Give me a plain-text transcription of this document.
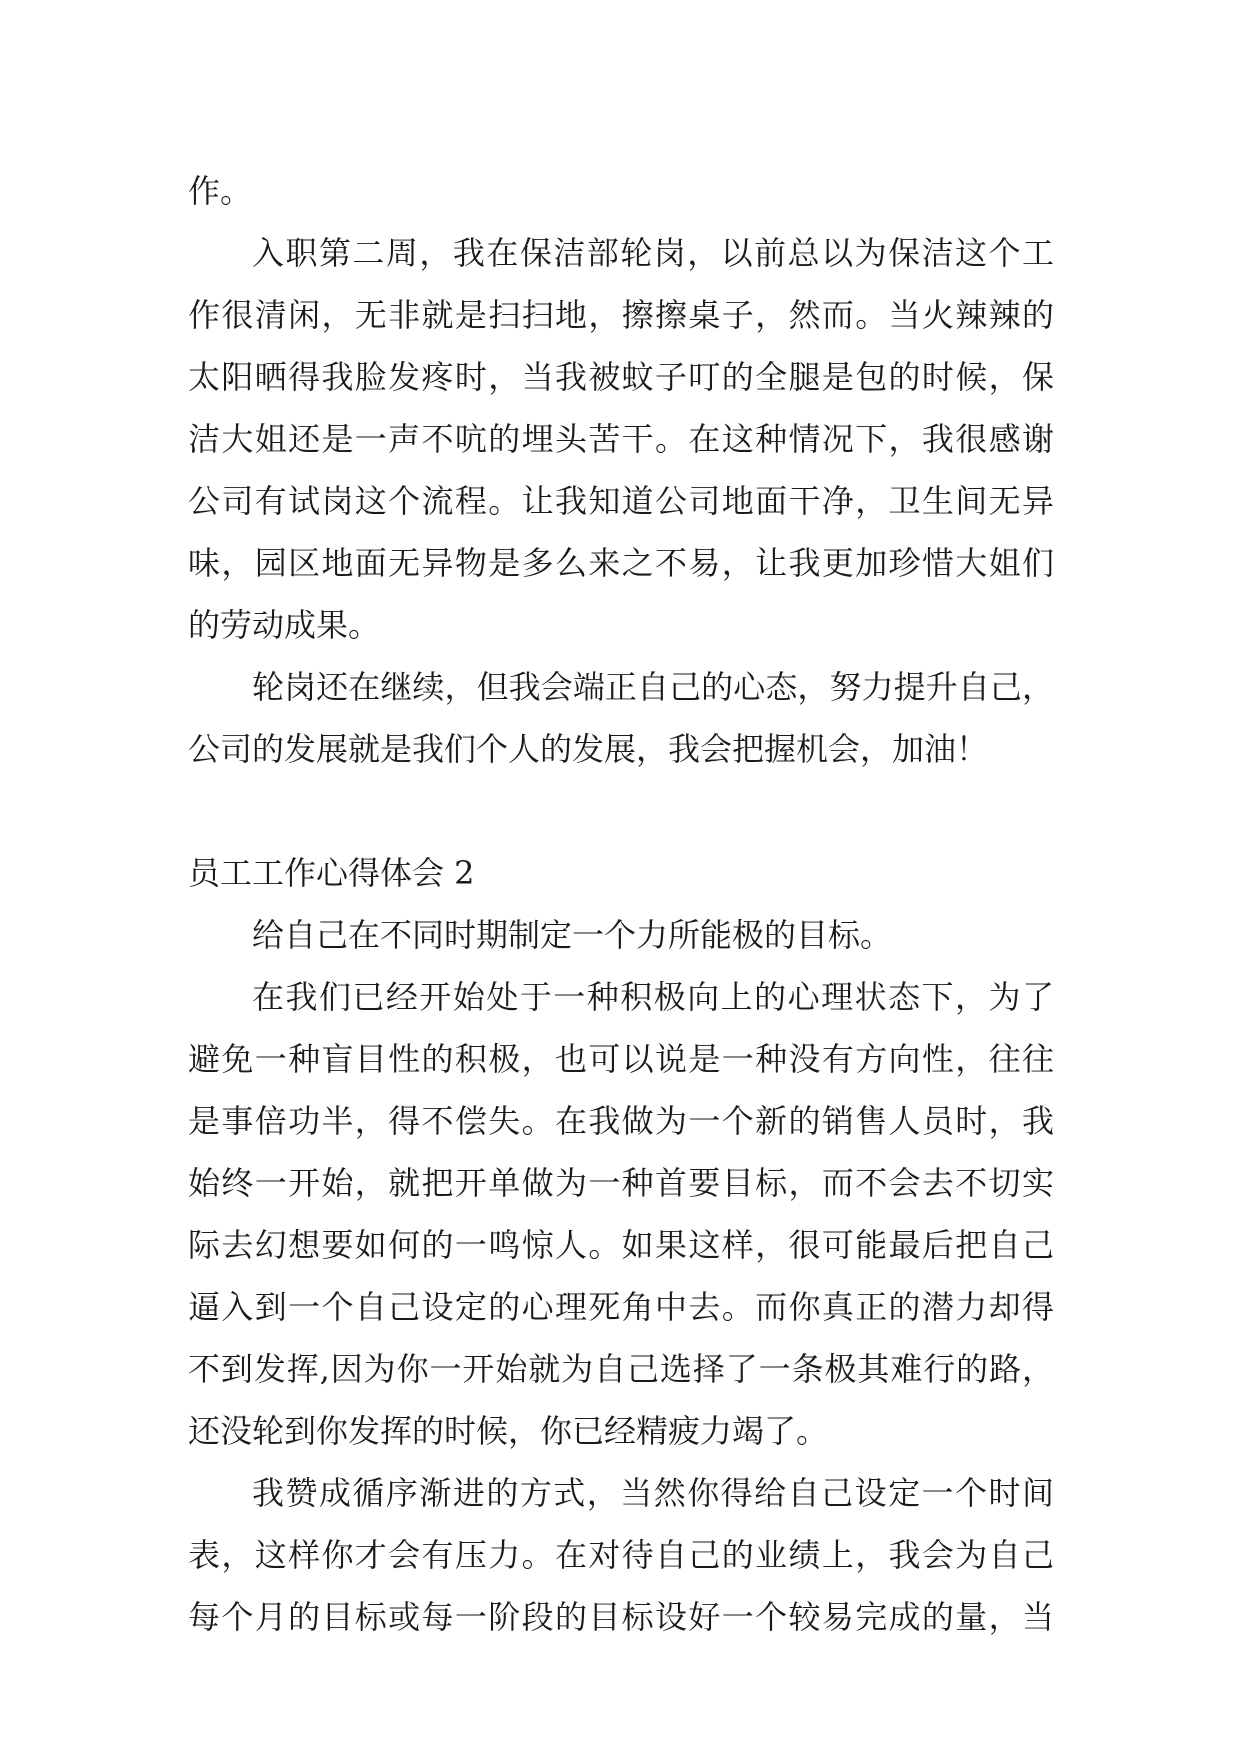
作。
入职第二周，我在保洁部轮岗，以前总以为保洁这个工
作很清闲，无非就是扫扫地，擦擦桌子，然而。当火辣辣的
太阳晒得我脸发疼时，当我被蚊子叮的全腿是包的时候，保
洁大姐还是一声不吭的埋头苦干。在这种情况下，我很感谢
公司有试岗这个流程。让我知道公司地面干净，卫生间无异
味，园区地面无异物是多么来之不易，让我更加珍惜大姐们
的劳动成果。
轮岗还在继续，但我会端正自己的心态，努力提升自己，
公司的发展就是我们个人的发展，我会把握机会，加油！
员工工作心得体会 2
给自己在不同时期制定一个力所能极的目标。
在我们已经开始处于一种积极向上的心理状态下，为了
避免一种盲目性的积极，也可以说是一种没有方向性，往往
是事倍功半，得不偿失。在我做为一个新的销售人员时，我
始终一开始，就把开单做为一种首要目标，而不会去不切实
际去幻想要如何的一鸣惊人。如果这样，很可能最后把自己
逼入到一个自己设定的心理死角中去。而你真正的潜力却得
不到发挥,因为你一开始就为自己选择了一条极其难行的路，
还没轮到你发挥的时候，你已经精疲力竭了。
我赞成循序渐进的方式，当然你得给自己设定一个时间
表，这样你才会有压力。在对待自己的业绩上，我会为自己
每个月的目标或每一阶段的目标设好一个较易完成的量，当
